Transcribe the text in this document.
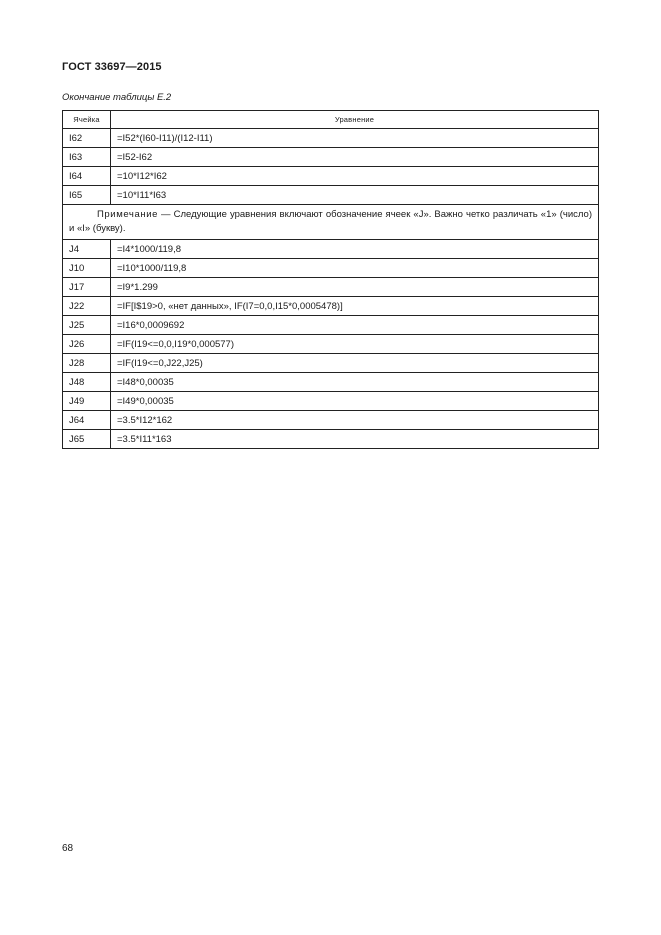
ГОСТ 33697—2015
Окончание таблицы Е.2
Ячейка	Уравнение
I62	=I52*(I60-I11)/(I12-I11)
I63	=I52-I62
I64	=10*I12*I62
I65	=10*I11*I63
Примечание — Следующие уравнения включают обозначение ячеек «J». Важно четко различать «1» (число) и «I» (букву).	
J4	=I4*1000/119,8
J10	=I10*1000/119,8
J17	=I9*1.299
J22	=IF[I$19>0, «нет данных», IF(I7=0,0,I15*0,0005478)]
J25	=I16*0,0009692
J26	=IF(I19<=0,0,I19*0,000577)
J28	=IF(I19<=0,J22,J25)
J48	=I48*0,00035
J49	=I49*0,00035
J64	=3.5*I12*162
J65	=3.5*I11*163
68
